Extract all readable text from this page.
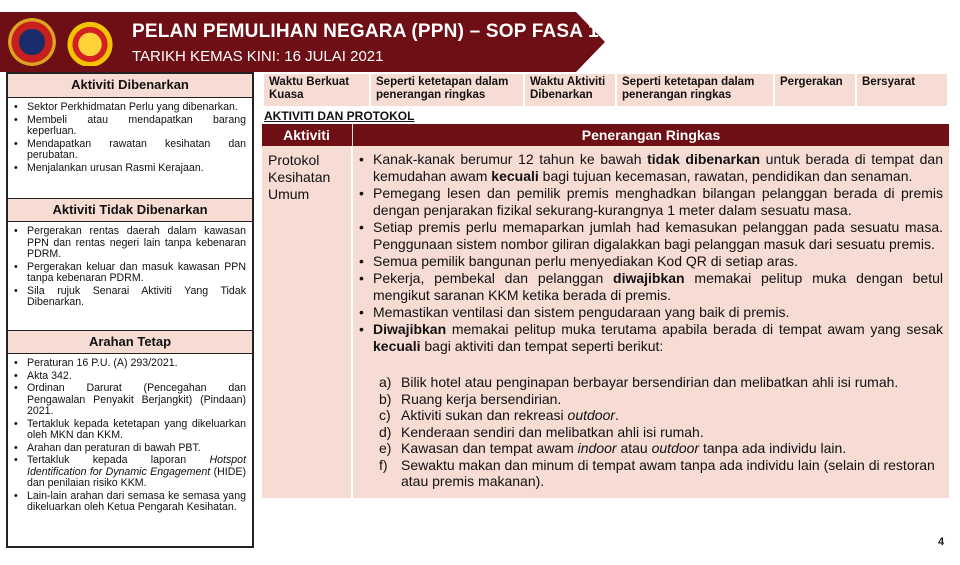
PELAN PEMULIHAN NEGARA (PPN) – SOP FASA 1
TARIKH KEMAS KINI: 16 JULAI 2021
Aktiviti Dibenarkan
• Sektor Perkhidmatan Perlu yang dibenarkan.
• Membeli atau mendapatkan barang keperluan.
• Mendapatkan rawatan kesihatan dan perubatan.
• Menjalankan urusan Rasmi Kerajaan.
Aktiviti Tidak Dibenarkan
• Pergerakan rentas daerah dalam kawasan PPN dan rentas negeri lain tanpa kebenaran PDRM.
• Pergerakan keluar dan masuk kawasan PPN tanpa kebenaran PDRM.
• Sila rujuk Senarai Aktiviti Yang Tidak Dibenarkan.
Arahan Tetap
• Peraturan 16 P.U. (A) 293/2021.
• Akta 342.
• Ordinan Darurat (Pencegahan dan Pengawalan Penyakit Berjangkit) (Pindaan) 2021.
• Tertakluk kepada ketetapan yang dikeluarkan oleh MKN dan KKM.
• Arahan dan peraturan di bawah PBT.
• Tertakluk kepada laporan Hotspot Identification for Dynamic Engagement (HIDE) dan penilaian risiko KKM.
• Lain-lain arahan dari semasa ke semasa yang dikeluarkan oleh Ketua Pengarah Kesihatan.
Waktu Berkuat Kuasa
Seperti ketetapan dalam penerangan ringkas
Waktu Aktiviti Dibenarkan
Seperti ketetapan dalam penerangan ringkas
Pergerakan	Bersyarat
AKTIVITI DAN PROTOKOL
Aktiviti	Penerangan Ringkas
Protokol Kesihatan Umum
• Kanak-kanak berumur 12 tahun ke bawah tidak dibenarkan untuk berada di tempat dan kemudahan awam kecuali bagi tujuan kecemasan, rawatan, pendidikan dan senaman.
• Pemegang lesen dan pemilik premis menghadkan bilangan pelanggan berada di premis dengan penjarakan fizikal sekurang-kurangnya 1 meter dalam sesuatu masa.
• Setiap premis perlu memaparkan jumlah had kemasukan pelanggan pada sesuatu masa. Penggunaan sistem nombor giliran digalakkan bagi pelanggan masuk dari sesuatu premis.
• Semua pemilik bangunan perlu menyediakan Kod QR di setiap aras.
• Pekerja, pembekal dan pelanggan diwajibkan memakai pelitup muka dengan betul mengikut saranan KKM ketika berada di premis.
• Memastikan ventilasi dan sistem pengudaraan yang baik di premis.
• Diwajibkan memakai pelitup muka terutama apabila berada di tempat awam yang sesak kecuali bagi aktiviti dan tempat seperti berikut:
a) Bilik hotel atau penginapan berbayar bersendirian dan melibatkan ahli isi rumah.
b) Ruang kerja bersendirian.
c) Aktiviti sukan dan rekreasi outdoor.
d) Kenderaan sendiri dan melibatkan ahli isi rumah.
e) Kawasan dan tempat awam indoor atau outdoor tanpa ada individu lain.
f) Sewaktu makan dan minum di tempat awam tanpa ada individu lain (selain di restoran atau premis makanan).
4
